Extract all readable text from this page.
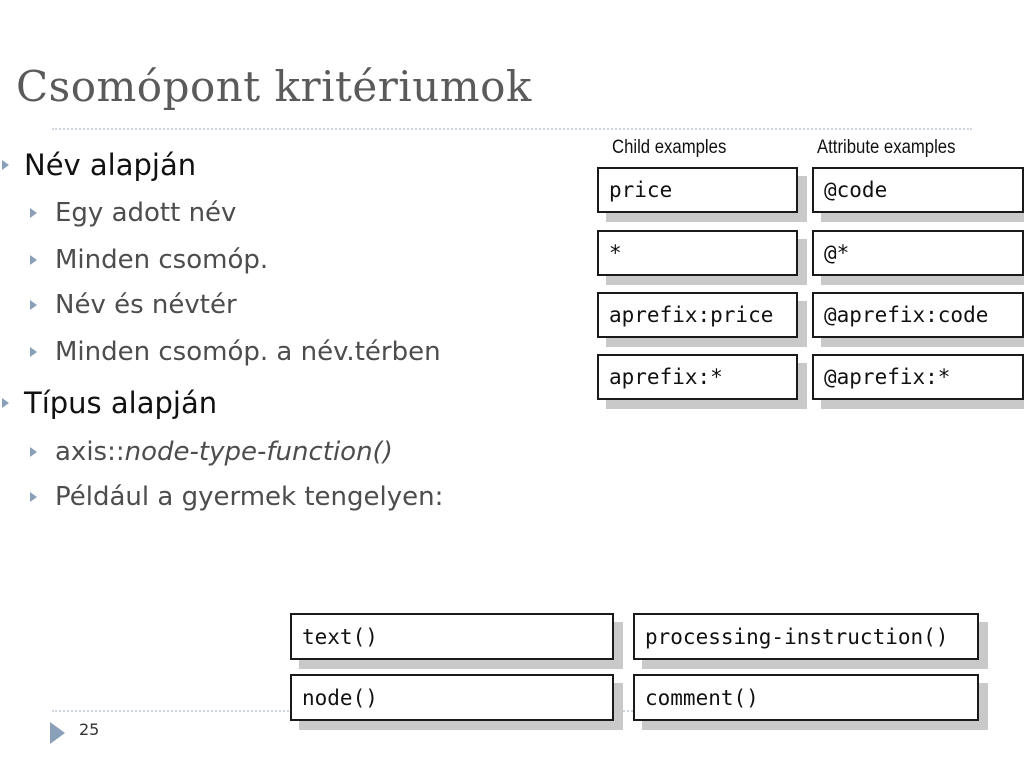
Csomópont kritériumok
Név alapján
Egy adott név
Minden csomóp.
Név és névtér
Minden csomóp. a név.térben
Típus alapján
axis::node-type-function()
Például a gyermek tengelyen:
Child examples	Attribute examples
price	@code
*	@*
aprefix:price	@aprefix:code
aprefix:*	@aprefix:*
text()	processing-instruction()
node()	comment()
25
